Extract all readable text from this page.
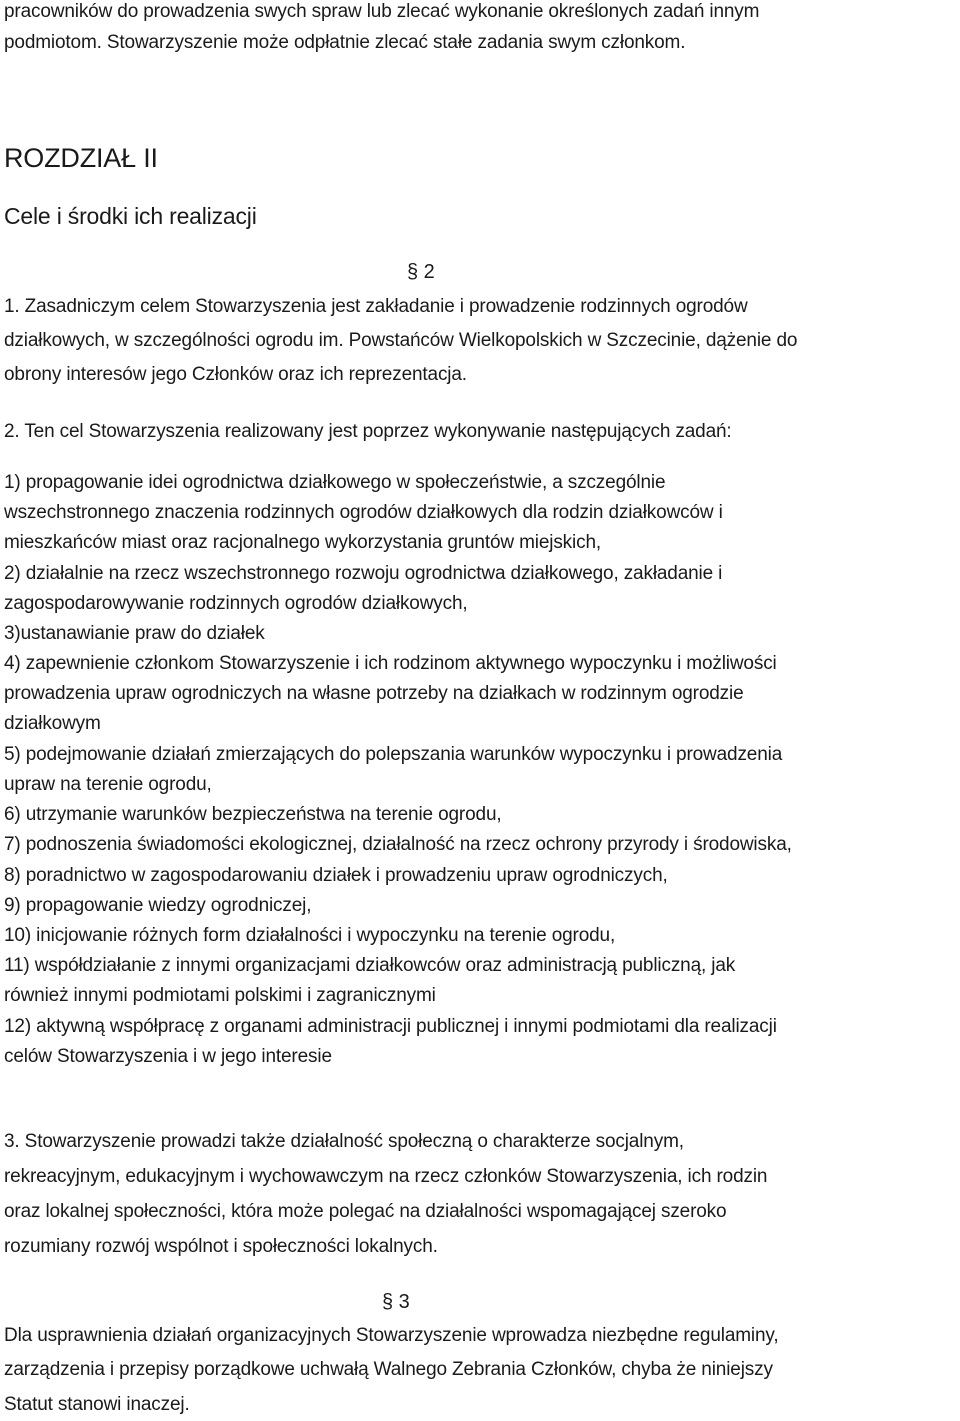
pracowników do prowadzenia swych spraw lub zlecać wykonanie określonych zadań innym
podmiotom. Stowarzyszenie może odpłatnie zlecać stałe zadania swym członkom.
ROZDZIAŁ II
Cele i środki ich realizacji
§ 2
1. Zasadniczym celem Stowarzyszenia jest zakładanie i prowadzenie rodzinnych ogrodów
działkowych, w szczególności ogrodu im. Powstańców Wielkopolskich w Szczecinie, dążenie do
obrony interesów jego Członków oraz ich reprezentacja.
2. Ten cel Stowarzyszenia realizowany jest poprzez wykonywanie następujących zadań:
1) propagowanie idei ogrodnictwa działkowego w społeczeństwie, a szczególnie
wszechstronnego znaczenia rodzinnych ogrodów działkowych dla rodzin działkowców i
mieszkańców miast oraz racjonalnego wykorzystania gruntów miejskich,
2) działalnie na rzecz wszechstronnego rozwoju ogrodnictwa działkowego, zakładanie i
zagospodarowywanie rodzinnych ogrodów działkowych,
3)ustanawianie praw do działek
4) zapewnienie członkom Stowarzyszenie i ich rodzinom aktywnego wypoczynku i możliwości
prowadzenia upraw ogrodniczych na własne potrzeby na działkach w rodzinnym ogrodzie
działkowym
5) podejmowanie działań zmierzających do polepszania warunków wypoczynku i prowadzenia
upraw na terenie ogrodu,
6) utrzymanie warunków bezpieczeństwa na terenie ogrodu,
7) podnoszenia świadomości ekologicznej, działalność na rzecz ochrony przyrody i środowiska,
8) poradnictwo w zagospodarowaniu działek i prowadzeniu upraw ogrodniczych,
9) propagowanie wiedzy ogrodniczej,
10) inicjowanie różnych form działalności i wypoczynku na terenie ogrodu,
11) współdziałanie z innymi organizacjami działkowców oraz administracją publiczną, jak
również innymi podmiotami polskimi i zagranicznymi
12) aktywną współpracę z organami administracji publicznej i innymi podmiotami dla realizacji
celów Stowarzyszenia i w jego interesie
3. Stowarzyszenie prowadzi także działalność społeczną o charakterze socjalnym,
rekreacyjnym, edukacyjnym i wychowawczym na rzecz członków Stowarzyszenia, ich rodzin
oraz lokalnej społeczności, która może polegać na działalności wspomagającej szeroko
rozumiany rozwój wspólnot i społeczności lokalnych.
§ 3
Dla usprawnienia działań organizacyjnych Stowarzyszenie wprowadza niezbędne regulaminy,
zarządzenia i przepisy porządkowe uchwałą Walnego Zebrania Członków, chyba że niniejszy
Statut stanowi inaczej.
